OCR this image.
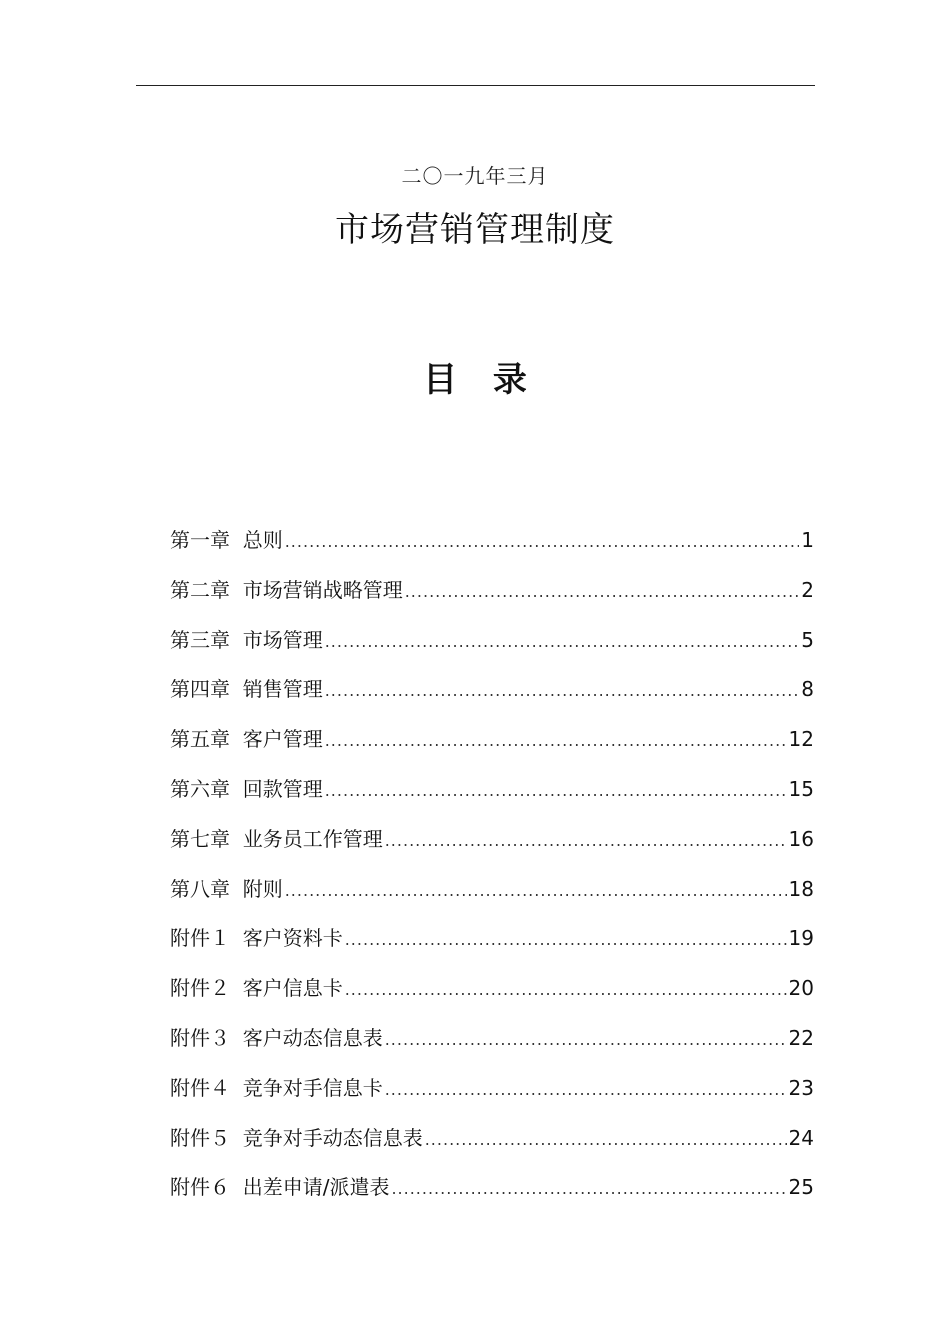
二〇一九年三月
市场营销管理制度
目 录
第一章  总则 .....	1
第二章  市场营销战略管理 .....	2
第三章  市场管理 .....	5
第四章  销售管理 .....	8
第五章  客户管理 .....	12
第六章  回款管理 .....	15
第七章  业务员工作管理 .....	16
第八章  附则 .....	18
附件１  客户资料卡 .....	19
附件２  客户信息卡 .....	20
附件３  客户动态信息表 .....	22
附件４  竞争对手信息卡 .....	23
附件５  竞争对手动态信息表 .....	24
附件６  出差申请/派遣表 .....	25
